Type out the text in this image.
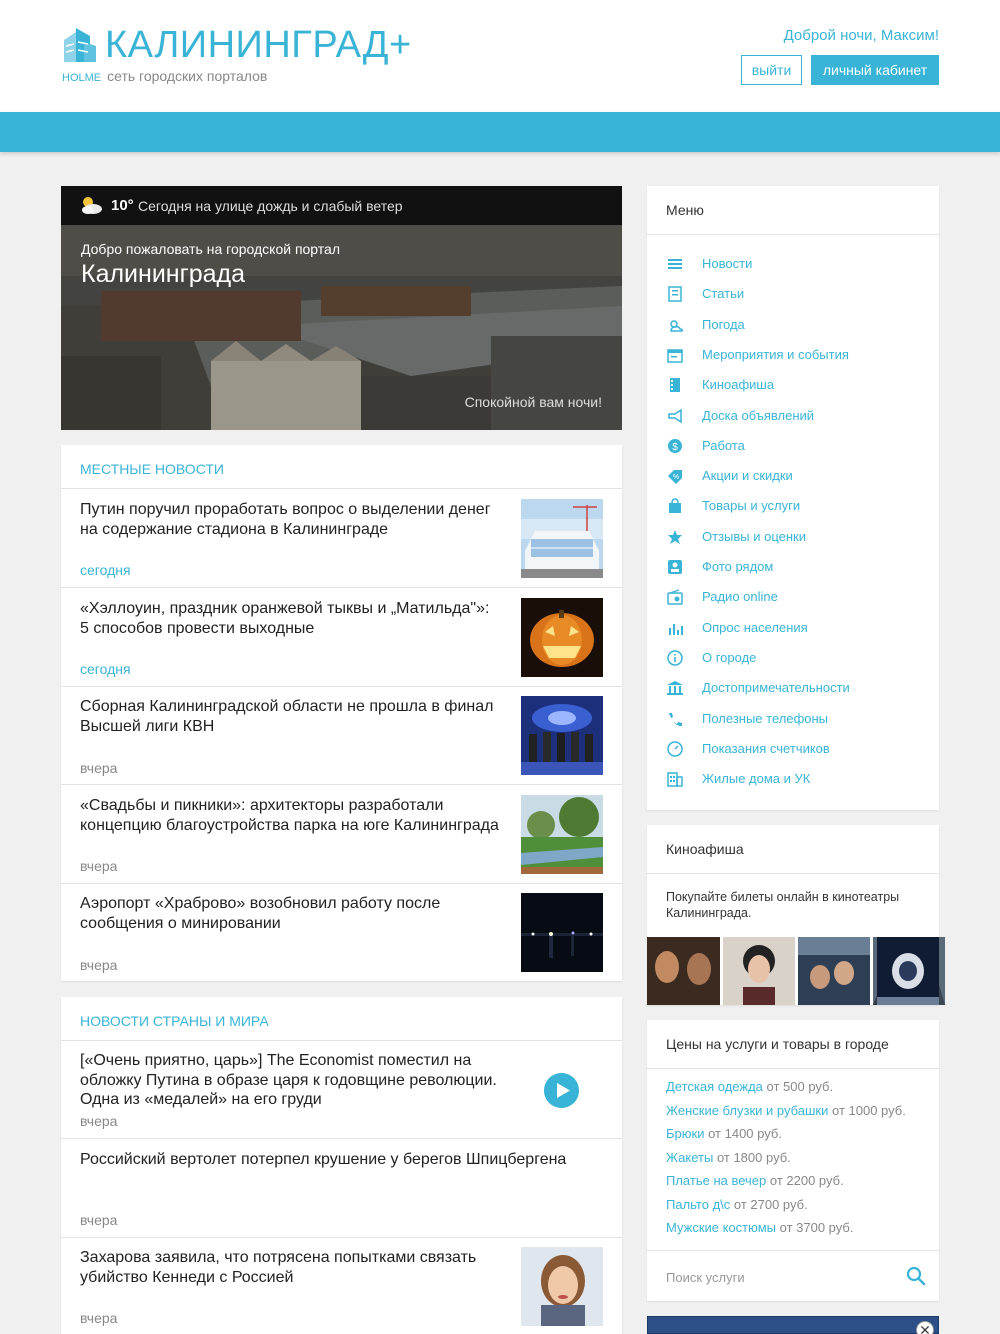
КАЛИНИНГРАД+
HOLME сеть городских порталов
Доброй ночи, Максим!
выйти	личный кабинет
10° Сегодня на улице дождь и слабый ветер
Добро пожаловать на городской портал
Калининграда
Спокойной вам ночи!
МЕСТНЫЕ НОВОСТИ
Путин поручил проработать вопрос о выделении денег на содержание стадиона в Калининграде
сегодня
«Хэллоуин, праздник оранжевой тыквы и „Матильда"»: 5 способов провести выходные
сегодня
Сборная Калининградской области не прошла в финал Высшей лиги КВН
вчера
«Свадьбы и пикники»: архитекторы разработали концепцию благоустройства парка на юге Калининграда
вчера
Аэропорт «Храброво» возобновил работу после сообщения о минировании
вчера
НОВОСТИ СТРАНЫ И МИРА
[«Очень приятно, царь»] The Economist поместил на обложку Путина в образе царя к годовщине революции. Одна из «медалей» на его груди
вчера
Российский вертолет потерпел крушение у берегов Шпицбергена
вчера
Захарова заявила, что потрясена попытками связать убийство Кеннеди с Россией
вчера
Меню
Новости
Статьи
Погода
Мероприятия и события
Киноафиша
Доска объявлений
$ Работа
% Акции и скидки
Товары и услуги
Отзывы и оценки
Фото рядом
Радио online
Опрос населения
О городе
Достопримечательности
Полезные телефоны
Показания счетчиков
Жилые дома и УК
Киноафиша
Покупайте билеты онлайн в кинотеатры Калининграда.
Цены на услуги и товары в городе
Детская одежда от 500 руб.
Женские блузки и рубашки от 1000 руб.
Брюки от 1400 руб.
Жакеты от 1800 руб.
Платье на вечер от 2200 руб.
Пальто д\с от 2700 руб.
Мужские костюмы от 3700 руб.
Поиск услуги
